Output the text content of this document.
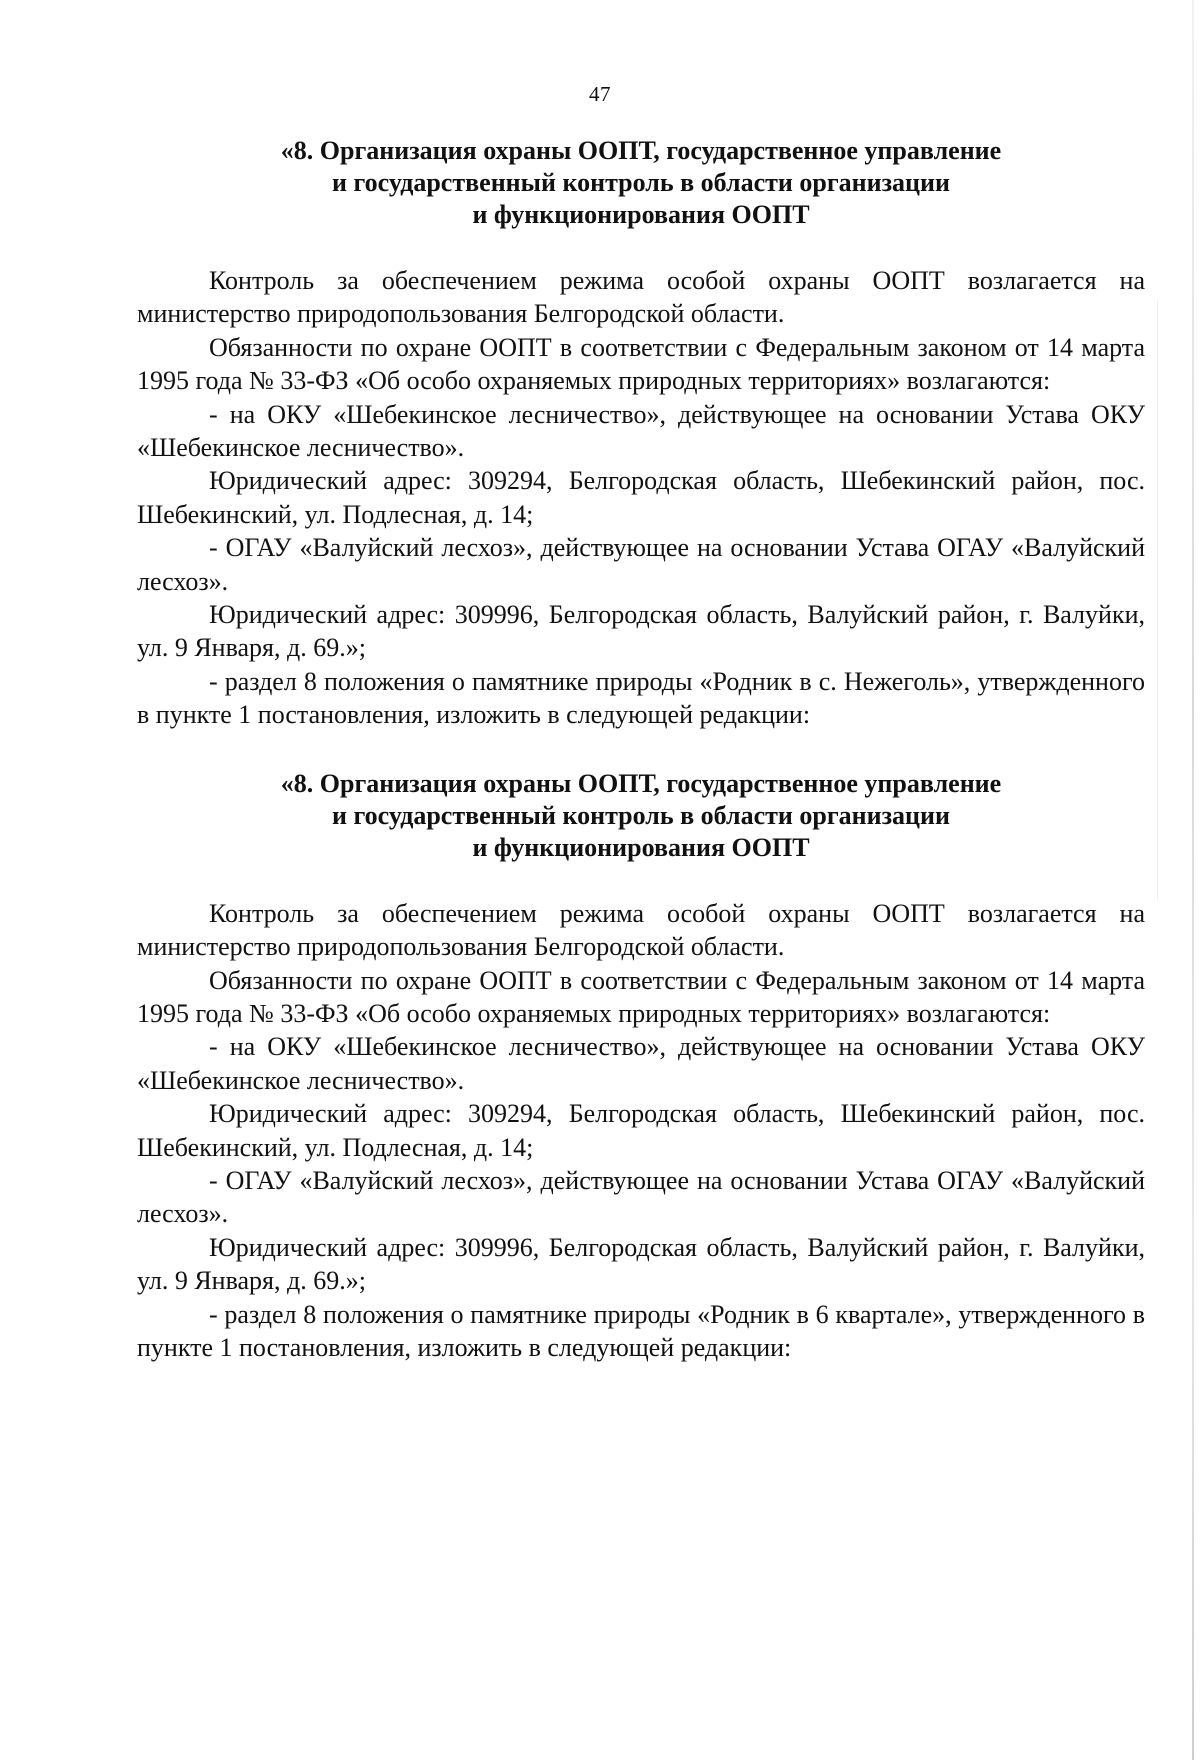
47
«8. Организация охраны ООПТ, государственное управление
и государственный контроль в области организации
и функционирования ООПТ

Контроль за обеспечением режима особой охраны ООПТ возлагается на министерство природопользования Белгородской области.

Обязанности по охране ООПТ в соответствии с Федеральным законом от 14 марта 1995 года № 33-ФЗ «Об особо охраняемых природных территориях» возлагаются:

- на ОКУ «Шебекинское лесничество», действующее на основании Устава ОКУ «Шебекинское лесничество».

Юридический адрес: 309294, Белгородская область, Шебекинский район, пос. Шебекинский, ул. Подлесная, д. 14;

- ОГАУ «Валуйский лесхоз», действующее на основании Устава ОГАУ «Валуйский лесхоз».

Юридический адрес: 309996, Белгородская область, Валуйский район, г. Валуйки, ул. 9 Января, д. 69.»;

- раздел 8 положения о памятнике природы «Родник в с. Нежеголь», утвержденного в пункте 1 постановления, изложить в следующей редакции:

«8. Организация охраны ООПТ, государственное управление
и государственный контроль в области организации
и функционирования ООПТ

Контроль за обеспечением режима особой охраны ООПТ возлагается на министерство природопользования Белгородской области.

Обязанности по охране ООПТ в соответствии с Федеральным законом от 14 марта 1995 года № 33-ФЗ «Об особо охраняемых природных территориях» возлагаются:

- на ОКУ «Шебекинское лесничество», действующее на основании Устава ОКУ «Шебекинское лесничество».

Юридический адрес: 309294, Белгородская область, Шебекинский район, пос. Шебекинский, ул. Подлесная, д. 14;

- ОГАУ «Валуйский лесхоз», действующее на основании Устава ОГАУ «Валуйский лесхоз».

Юридический адрес: 309996, Белгородская область, Валуйский район, г. Валуйки, ул. 9 Января, д. 69.»;

- раздел 8 положения о памятнике природы «Родник в 6 квартале», утвержденного в пункте 1 постановления, изложить в следующей редакции:
